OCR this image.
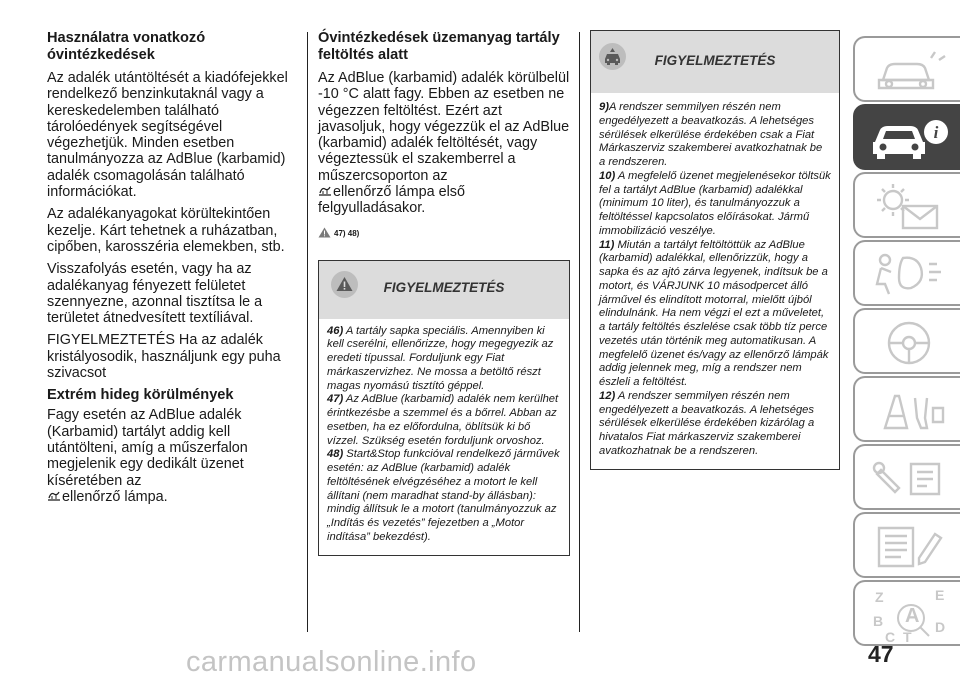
Használatra vonatkozó óvintézkedések

Az adalék utántöltését a kiadófejekkel rendelkező benzinkutaknál vagy a kereskedelemben található tárolóedények segítségével végezhetjük. Minden esetben tanulmányozza az AdBlue (karbamid) adalék csomagolásán található információkat.

Az adalékanyagokat körültekintően kezelje. Kárt tehetnek a ruházatban, cipőben, karosszéria elemekben, stb.

Visszafolyás esetén, vagy ha az adalékanyag fényezett felületet szennyezne, azonnal tisztítsa le a területet átnedvesített textíliával.

FIGYELMEZTETÉS Ha az adalék kristályosodik, használjunk egy puha szivacsot

Extrém hideg körülmények

Fagy esetén az AdBlue adalék (Karbamid) tartályt addig kell utántölteni, amíg a műszerfalon megjelenik egy dedikált üzenet kíséretében az
ellenőrző lámpa.

Óvintézkedések üzemanyag tartály feltöltés alatt

Az AdBlue (karbamid) adalék körülbelül -10 °C alatt fagy. Ebben az esetben ne végezzen feltöltést. Ezért azt javasoljuk, hogy végezzük el az AdBlue (karbamid) adalék feltöltését, vagy végeztessük el szakemberrel a műszercsoporton az
ellenőrző lámpa első felgyulladásakor.

47) 48)
FIGYELMEZTETÉS

46) A tartály sapka speciális. Amennyiben ki kell cserélni, ellenőrizze, hogy megegyezik az eredeti típussal. Forduljunk egy Fiat márkaszervizhez. Ne mossa a betöltő részt magas nyomású tisztító géppel.

47) Az AdBlue (karbamid) adalék nem kerülhet érintkezésbe a szemmel és a bőrrel. Abban az esetben, ha ez előfordulna, öblítsük ki bő vízzel. Szükség esetén forduljunk orvoshoz.

48) Start&Stop funkcióval rendelkező járművek esetén: az AdBlue (karbamid) adalék feltöltésének elvégzéséhez a motort le kell állítani (nem maradhat stand-by állásban): mindig állítsuk le a motort (tanulmányozzuk az „Indítás és vezetés” fejezetben a „Motor indítása” bekezdést).

FIGYELMEZTETÉS

9)A rendszer semmilyen részén nem engedélyezett a beavatkozás. A lehetséges sérülések elkerülése érdekében csak a Fiat Márkaszerviz szakemberei avatkozhatnak be a rendszeren.

10) A megfelelő üzenet megjelenésekor töltsük fel a tartályt AdBlue (karbamid) adalékkal (minimum 10 liter), és tanulmányozzuk a feltöltéssel kapcsolatos előírásokat. Jármű immobilizáció veszélye.

11) Miután a tartályt feltöltöttük az AdBlue (karbamid) adalékkal, ellenőrizzük, hogy a sapka és az ajtó zárva legyenek, indítsuk be a motort, és VÁRJUNK 10 másodpercet álló járművel és elindított motorral, mielőtt újból elindulnánk. Ha nem végzi el ezt a műveletet, a tartály feltöltés észlelése csak több tíz perce vezetés után történik meg automatikusan. A megfelelő üzenet és/vagy az ellenőrző lámpák addig jelennek meg, míg a rendszer nem észleli a feltöltést.

12) A rendszer semmilyen részén nem engedélyezett a beavatkozás. A lehetséges sérülések elkerülése érdekében kizárólag a hivatalos Fiat márkaszerviz szakemberei avatkozhatnak be a rendszeren.

i
Z	E
A
B
C
D
T
47
carmanualsonline.info
